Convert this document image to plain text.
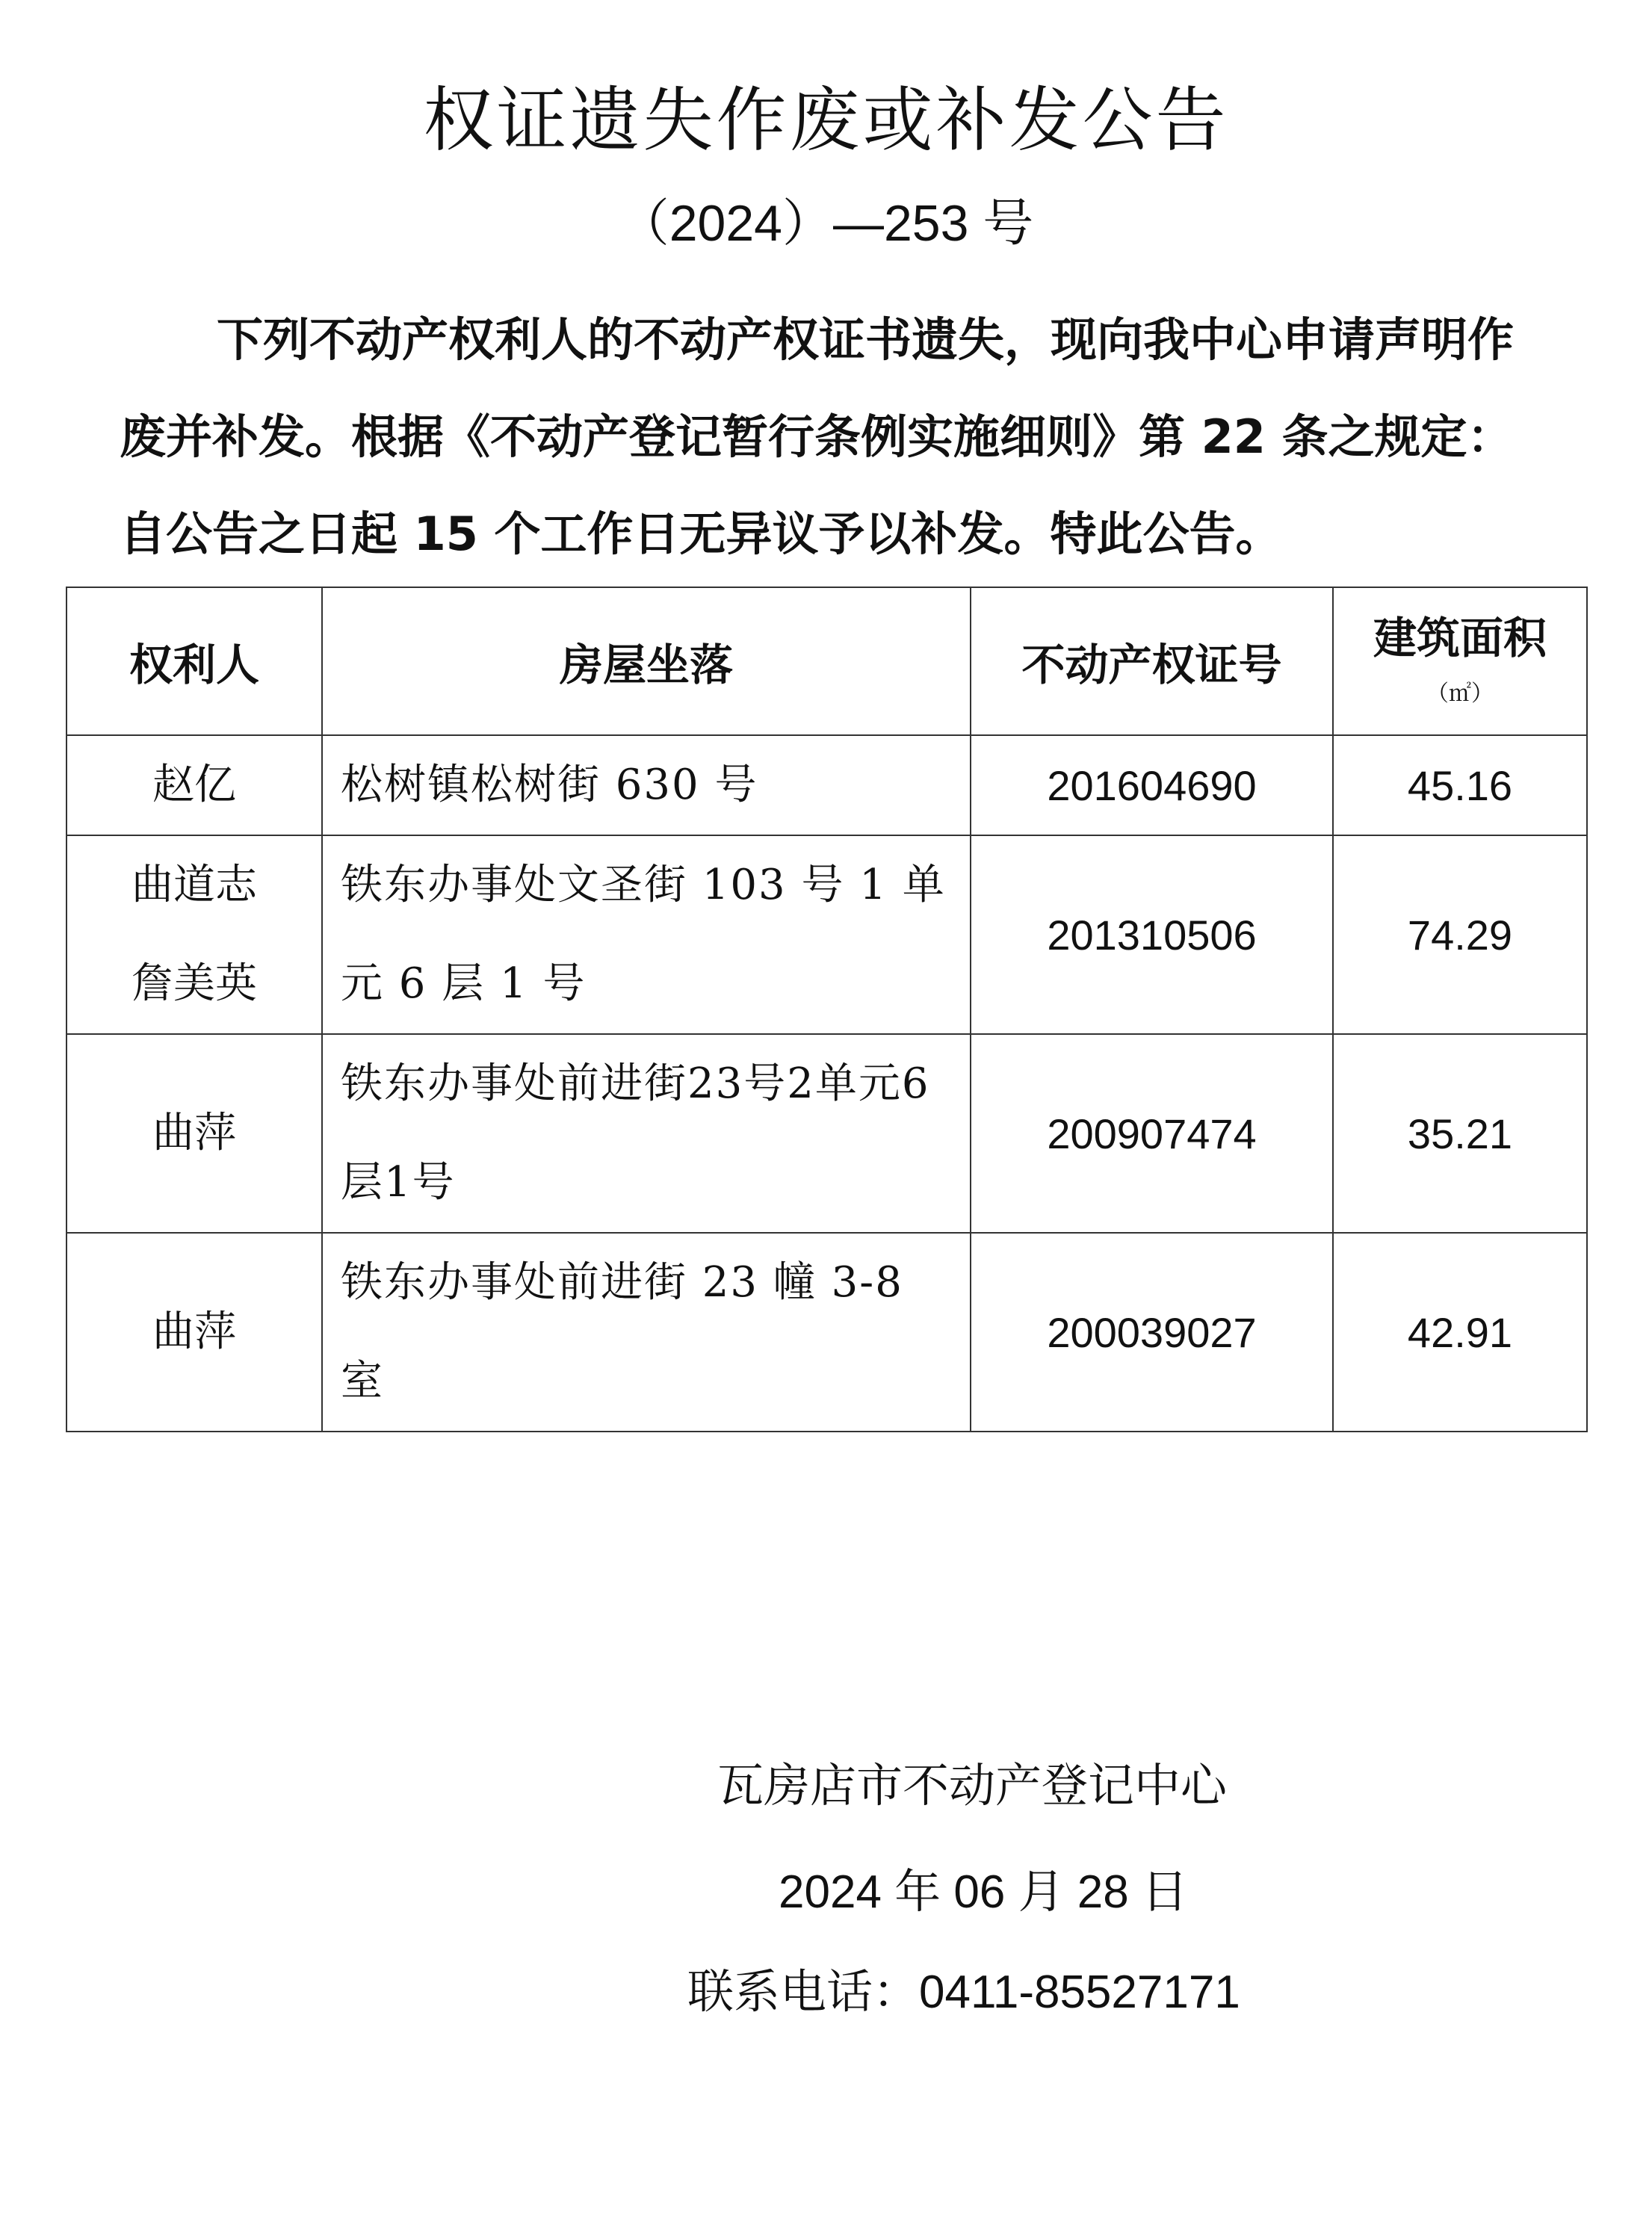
权证遗失作废或补发公告
（2024）—253 号

下列不动产权利人的不动产权证书遗失，现向我中心申请声明作废并补发。根据《不动产登记暂行条例实施细则》第 22 条之规定：自公告之日起 15 个工作日无异议予以补发。特此公告。

权利人	房屋坐落	不动产权证号	建筑面积
（㎡）

赵亿	松树镇松树街 630 号	201604690	45.16

曲道志
詹美英	铁东办事处文圣街 103 号 1 单元 6 层 1 号	201310506	74.29

曲萍	铁东办事处前进街23号2单元6层1号	200907474	35.21

曲萍	铁东办事处前进街 23 幢 3-8 室	200039027	42.91
瓦房店市不动产登记中心
2024 年 06 月 28 日
联系电话：0411-85527171
